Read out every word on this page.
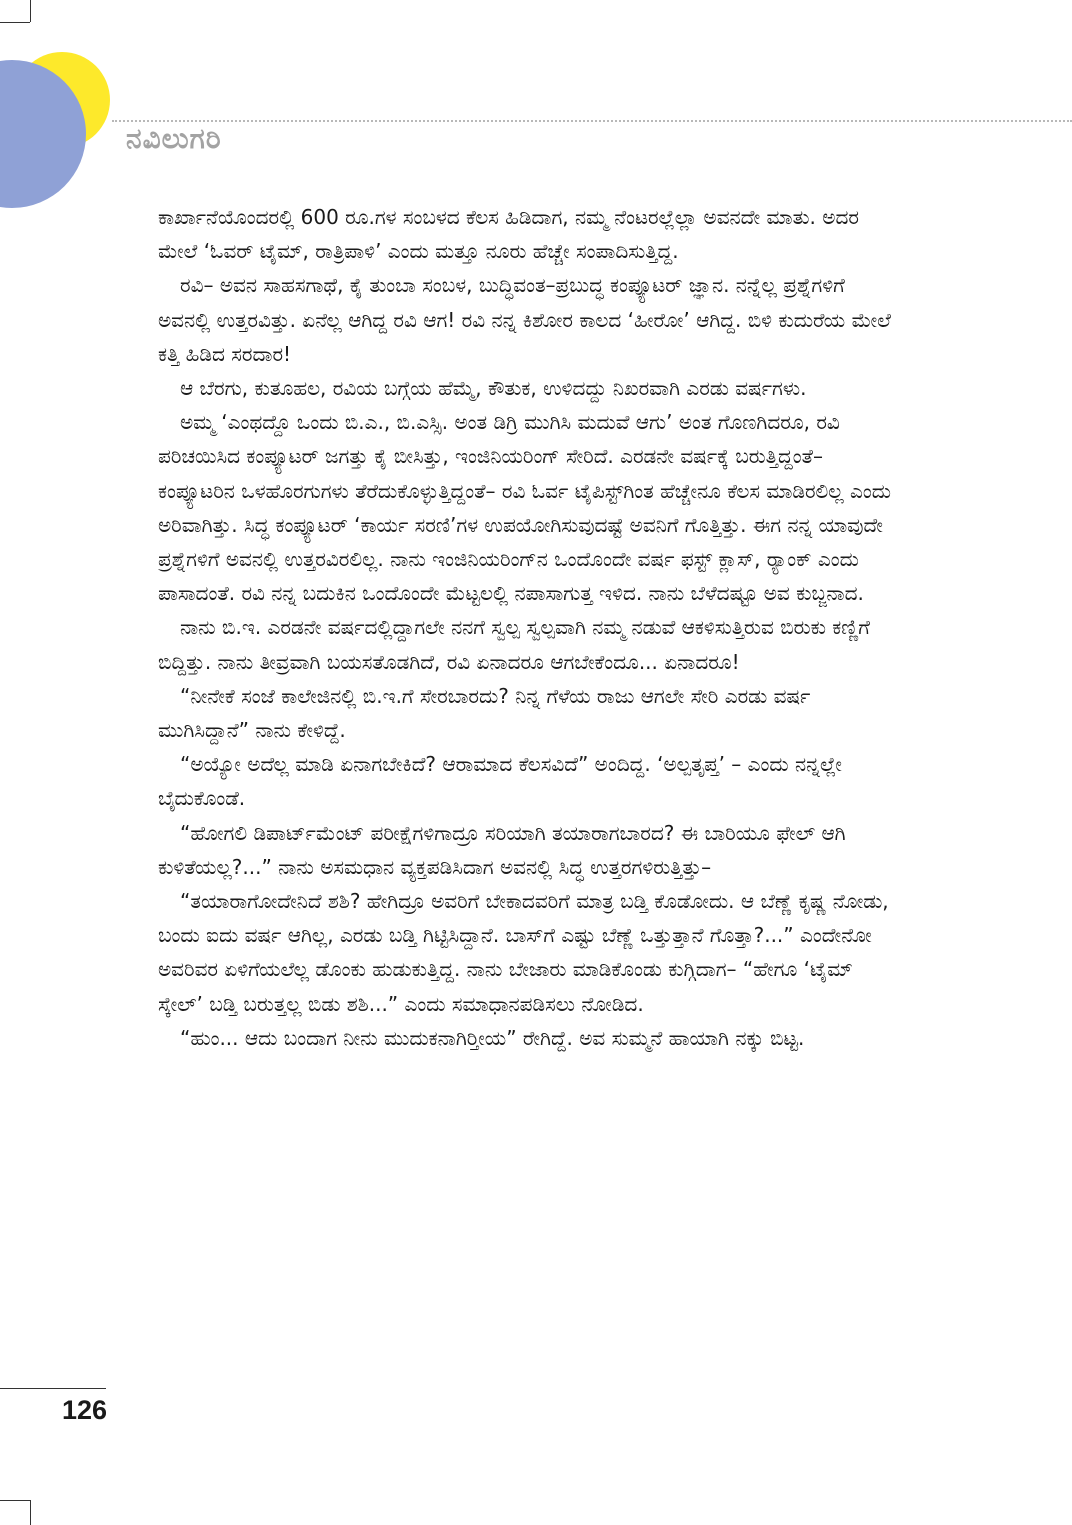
ನವಿಲುಗರಿ

ಕಾರ್ಖಾನೆಯೊಂದರಲ್ಲಿ 600 ರೂ.ಗಳ ಸಂಬಳದ ಕೆಲಸ ಹಿಡಿದಾಗ, ನಮ್ಮ ನೆಂಟರಲ್ಲೆಲ್ಲಾ ಅವನದೇ ಮಾತು. ಅದರ ಮೇಲೆ ‘ಓವರ್ ಟೈಮ್, ರಾತ್ರಿಪಾಳಿ’ ಎಂದು ಮತ್ತೂ ನೂರು ಹೆಚ್ಚೇ ಸಂಪಾದಿಸುತ್ತಿದ್ದ.

ರವಿ– ಅವನ ಸಾಹಸಗಾಥೆ, ಕೈ ತುಂಬಾ ಸಂಬಳ, ಬುದ್ಧಿವಂತ–ಪ್ರಬುದ್ಧ ಕಂಪ್ಯೂಟರ್ ಜ್ಞಾನ. ನನ್ನೆಲ್ಲ ಪ್ರಶ್ನೆಗಳಿಗೆ ಅವನಲ್ಲಿ ಉತ್ತರವಿತ್ತು. ಏನೆಲ್ಲ ಆಗಿದ್ದ ರವಿ ಆಗ! ರವಿ ನನ್ನ ಕಿಶೋರ ಕಾಲದ ‘ಹೀರೋ’ ಆಗಿದ್ದ. ಬಿಳಿ ಕುದುರೆಯ ಮೇಲೆ ಕತ್ತಿ ಹಿಡಿದ ಸರದಾರ!

ಆ ಬೆರಗು, ಕುತೂಹಲ, ರವಿಯ ಬಗ್ಗೆಯ ಹೆಮ್ಮೆ, ಕೌತುಕ, ಉಳಿದದ್ದು ನಿಖರವಾಗಿ ಎರಡು ವರ್ಷಗಳು.

ಅಮ್ಮ ‘ಎಂಥದ್ದೊ ಒಂದು ಬಿ.ಎ., ಬಿ.ಎಸ್ಸಿ. ಅಂತ ಡಿಗ್ರಿ ಮುಗಿಸಿ ಮದುವೆ ಆಗು’ ಅಂತ ಗೊಣಗಿದರೂ, ರವಿ ಪರಿಚಯಿಸಿದ ಕಂಪ್ಯೂಟರ್ ಜಗತ್ತು ಕೈ ಬೀಸಿತ್ತು, ಇಂಜಿನಿಯರಿಂಗ್ ಸೇರಿದೆ. ಎರಡನೇ ವರ್ಷಕ್ಕೆ ಬರುತ್ತಿದ್ದಂತೆ– ಕಂಪ್ಯೂಟರಿನ ಒಳಹೊರಗುಗಳು ತೆರೆದುಕೊಳ್ಳುತ್ತಿದ್ದಂತೆ– ರವಿ ಓರ್ವ ಟೈಪಿಸ್ಟ್‌ಗಿಂತ ಹೆಚ್ಚೇನೂ ಕೆಲಸ ಮಾಡಿರಲಿಲ್ಲ ಎಂದು ಅರಿವಾಗಿತ್ತು. ಸಿದ್ಧ ಕಂಪ್ಯೂಟರ್ ‘ಕಾರ್ಯ ಸರಣಿ’ಗಳ ಉಪಯೋಗಿಸುವುದಷ್ಟೆ ಅವನಿಗೆ ಗೊತ್ತಿತ್ತು. ಈಗ ನನ್ನ ಯಾವುದೇ ಪ್ರಶ್ನೆಗಳಿಗೆ ಅವನಲ್ಲಿ ಉತ್ತರವಿರಲಿಲ್ಲ. ನಾನು ಇಂಜಿನಿಯರಿಂಗ್‌ನ ಒಂದೊಂದೇ ವರ್ಷ ಫಸ್ಟ್ ಕ್ಲಾಸ್, ರ‍್ಯಾಂಕ್ ಎಂದು ಪಾಸಾದಂತೆ. ರವಿ ನನ್ನ ಬದುಕಿನ ಒಂದೊಂದೇ ಮೆಟ್ಟಲಲ್ಲಿ ನಪಾಸಾಗುತ್ತ ಇಳಿದ. ನಾನು ಬೆಳೆದಷ್ಟೂ ಅವ ಕುಬ್ಜನಾದ.

ನಾನು ಬಿ.ಇ. ಎರಡನೇ ವರ್ಷದಲ್ಲಿದ್ದಾಗಲೇ ನನಗೆ ಸ್ವಲ್ಪ ಸ್ವಲ್ಪವಾಗಿ ನಮ್ಮ ನಡುವೆ ಆಕಳಿಸುತ್ತಿರುವ ಬಿರುಕು ಕಣ್ಣಿಗೆ ಬಿದ್ದಿತ್ತು. ನಾನು ತೀವ್ರವಾಗಿ ಬಯಸತೊಡಗಿದೆ, ರವಿ ಏನಾದರೂ ಆಗಬೇಕೆಂದೂ... ಏನಾದರೂ!

“ನೀನೇಕೆ ಸಂಜೆ ಕಾಲೇಜಿನಲ್ಲಿ ಬಿ.ಇ.ಗೆ ಸೇರಬಾರದು? ನಿನ್ನ ಗೆಳೆಯ ರಾಜು ಆಗಲೇ ಸೇರಿ ಎರಡು ವರ್ಷ ಮುಗಿಸಿದ್ದಾನೆ” ನಾನು ಕೇಳಿದ್ದೆ.

“ಅಯ್ಯೋ ಅದೆಲ್ಲ ಮಾಡಿ ಏನಾಗಬೇಕಿದೆ? ಆರಾಮಾದ ಕೆಲಸವಿದೆ” ಅಂದಿದ್ದ. ‘ಅಲ್ಪತೃಪ್ತ’ – ಎಂದು ನನ್ನಲ್ಲೇ ಬೈದುಕೊಂಡೆ.

“ಹೋಗಲಿ ಡಿಪಾರ್ಟ್‌ಮೆಂಟ್ ಪರೀಕ್ಷೆಗಳಿಗಾದ್ರೂ ಸರಿಯಾಗಿ ತಯಾರಾಗಬಾರದ? ಈ ಬಾರಿಯೂ ಫೇಲ್ ಆಗಿ ಕುಳಿತೆಯಲ್ಲ?...” ನಾನು ಅಸಮಧಾನ ವ್ಯಕ್ತಪಡಿಸಿದಾಗ ಅವನಲ್ಲಿ ಸಿದ್ಧ ಉತ್ತರಗಳಿರುತ್ತಿತ್ತು–

“ತಯಾರಾಗೋದೇನಿದೆ ಶಶಿ? ಹೇಗಿದ್ರೂ ಅವರಿಗೆ ಬೇಕಾದವರಿಗೆ ಮಾತ್ರ ಬಡ್ತಿ ಕೊಡೋದು. ಆ ಬೆಣ್ಣೆ ಕೃಷ್ಣ ನೋಡು, ಬಂದು ಐದು ವರ್ಷ ಆಗಿಲ್ಲ, ಎರಡು ಬಡ್ತಿ ಗಿಟ್ಟಿಸಿದ್ದಾನೆ. ಬಾಸ್‌ಗೆ ಎಷ್ಟು ಬೆಣ್ಣೆ ಒತ್ತುತ್ತಾನೆ ಗೊತ್ತಾ?...” ಎಂದೇನೋ ಅವರಿವರ ಏಳಿಗೆಯಲೆಲ್ಲ ಡೊಂಕು ಹುಡುಕುತ್ತಿದ್ದ. ನಾನು ಬೇಜಾರು ಮಾಡಿಕೊಂಡು ಕುಗ್ಗಿದಾಗ– “ಹೇಗೂ ‘ಟೈಮ್ ಸ್ಕೇಲ್’ ಬಡ್ತಿ ಬರುತ್ತಲ್ಲ ಬಿಡು ಶಶಿ...” ಎಂದು ಸಮಾಧಾನಪಡಿಸಲು ನೋಡಿದ.

“ಹುಂ... ಆದು ಬಂದಾಗ ನೀನು ಮುದುಕನಾಗಿರ್‍ತೀಯ” ರೇಗಿದ್ದೆ. ಅವ ಸುಮ್ಮನೆ ಹಾಯಾಗಿ ನಕ್ಕು ಬಿಟ್ಟ.

126
